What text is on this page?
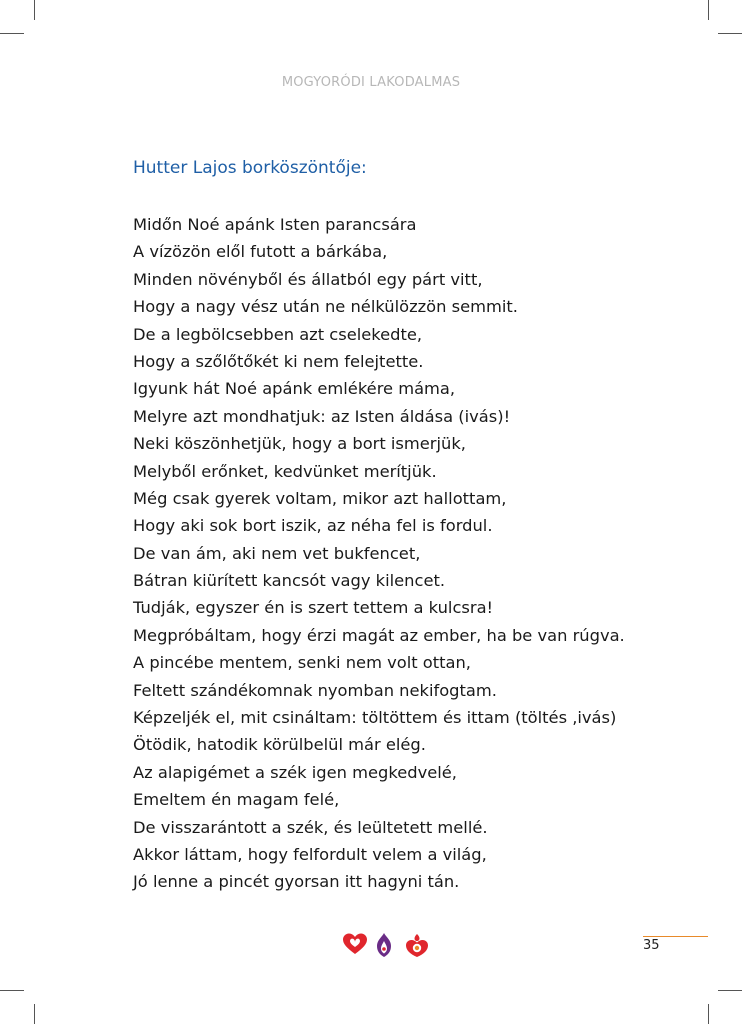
MOGYORÓDI LAKODALMAS
Hutter Lajos borköszöntője:
Midőn Noé apánk Isten parancsára
A vízözön elől futott a bárkába,
Minden növényből és állatból egy párt vitt,
Hogy a nagy vész után ne nélkülözzön semmit.
De a legbölcsebben azt cselekedte,
Hogy a szőlőtőkét ki nem felejtette.
Igyunk hát Noé apánk emlékére máma,
Melyre azt mondhatjuk: az Isten áldása (ivás)!
Neki köszönhetjük, hogy a bort ismerjük,
Melyből erőnket, kedvünket merítjük.
Még csak gyerek voltam, mikor azt hallottam,
Hogy aki sok bort iszik, az néha fel is fordul.
De van ám, aki nem vet bukfencet,
Bátran kiürített kancsót vagy kilencet.
Tudják, egyszer én is szert tettem a kulcsra!
Megpróbáltam, hogy érzi magát az ember, ha be van rúgva.
A pincébe mentem, senki nem volt ottan,
Feltett szándékomnak nyomban nekifogtam.
Képzeljék el, mit csináltam: töltöttem és ittam (töltés ,ivás)
Ötödik, hatodik körülbelül már elég.
Az alapigémet a szék igen megkedvelé,
Emeltem én magam felé,
De visszarántott a szék, és leültetett mellé.
Akkor láttam, hogy felfordult velem a világ,
Jó lenne a pincét gyorsan itt hagyni tán.
35
